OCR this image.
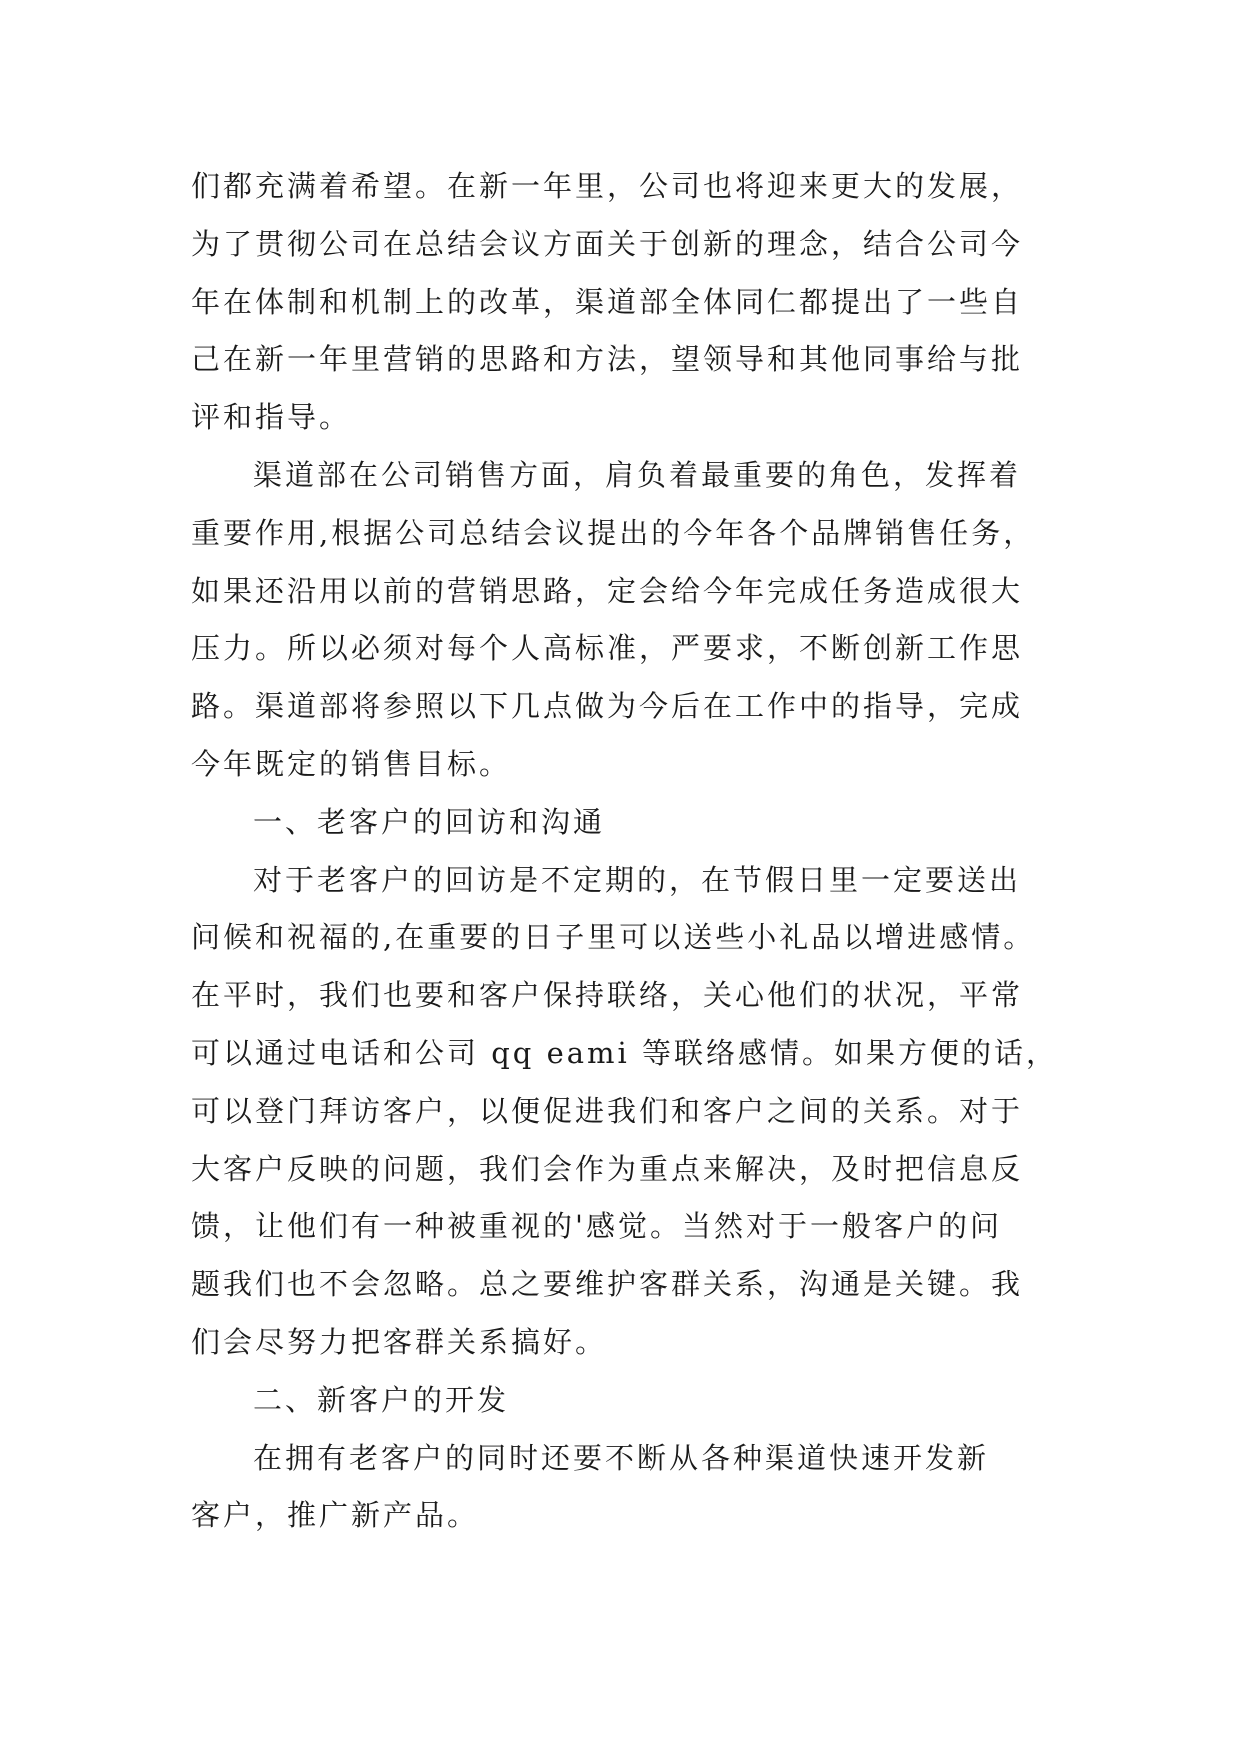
们都充满着希望。在新一年里，公司也将迎来更大的发展，
为了贯彻公司在总结会议方面关于创新的理念，结合公司今
年在体制和机制上的改革，渠道部全体同仁都提出了一些自
己在新一年里营销的思路和方法，望领导和其他同事给与批
评和指导。
渠道部在公司销售方面，肩负着最重要的角色，发挥着
重要作用,根据公司总结会议提出的今年各个品牌销售任务，
如果还沿用以前的营销思路，定会给今年完成任务造成很大
压力。所以必须对每个人高标准，严要求，不断创新工作思
路。渠道部将参照以下几点做为今后在工作中的指导，完成
今年既定的销售目标。
一、老客户的回访和沟通
对于老客户的回访是不定期的，在节假日里一定要送出
问候和祝福的,在重要的日子里可以送些小礼品以增进感情。
在平时，我们也要和客户保持联络，关心他们的状况，平常
可以通过电话和公司 qq eami 等联络感情。如果方便的话，
可以登门拜访客户，以便促进我们和客户之间的关系。对于
大客户反映的问题，我们会作为重点来解决，及时把信息反
馈，让他们有一种被重视的'感觉。当然对于一般客户的问
题我们也不会忽略。总之要维护客群关系，沟通是关键。我
们会尽努力把客群关系搞好。
二、新客户的开发
在拥有老客户的同时还要不断从各种渠道快速开发新
客户，推广新产品。
